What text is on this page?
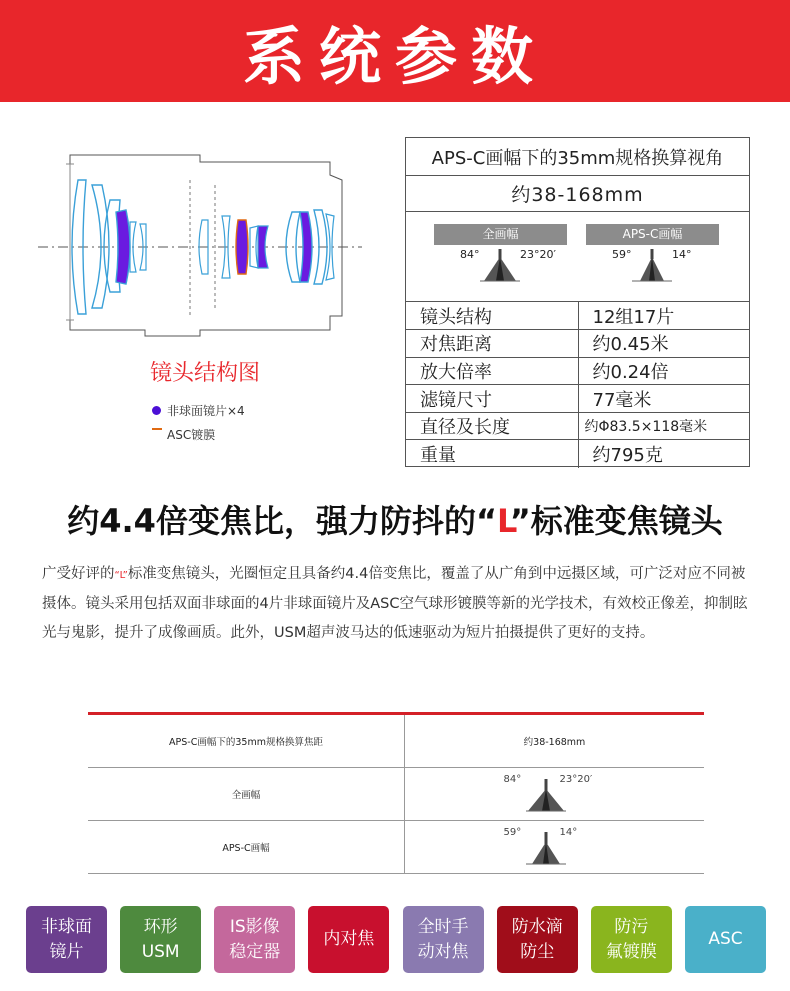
系统参数
镜头结构图
非球面镜片×4
ASC镀膜
APS-C画幅下的35mm规格换算视角
约38-168mm
全画幅
84°	23°20′
APS-C画幅
59°	14°
镜头结构	12组17片
对焦距离	约0.45米
放大倍率	约0.24倍
滤镜尺寸	77毫米
直径及长度	约Φ83.5×118毫米
重量	约795克
约4.4倍变焦比，强力防抖的“L”标准变焦镜头
广受好评的“L”标准变焦镜头，光圈恒定且具备约4.4倍变焦比，覆盖了从广角到中远摄区域，可广泛对应不同被摄体。镜头采用包括双面非球面的4片非球面镜片及ASC空气球形镀膜等新的光学技术，有效校正像差，抑制眩光与鬼影，提升了成像画质。此外，USM超声波马达的低速驱动为短片拍摄提供了更好的支持。
APS-C画幅下的35mm规格换算焦距	约38-168mm
全画幅
84°	23°20′
APS-C画幅
59°	14°
非球面
镜片
环形
USM
IS影像
稳定器
内对焦
全时手
动对焦
防水滴
防尘
防污
氟镀膜
ASC
